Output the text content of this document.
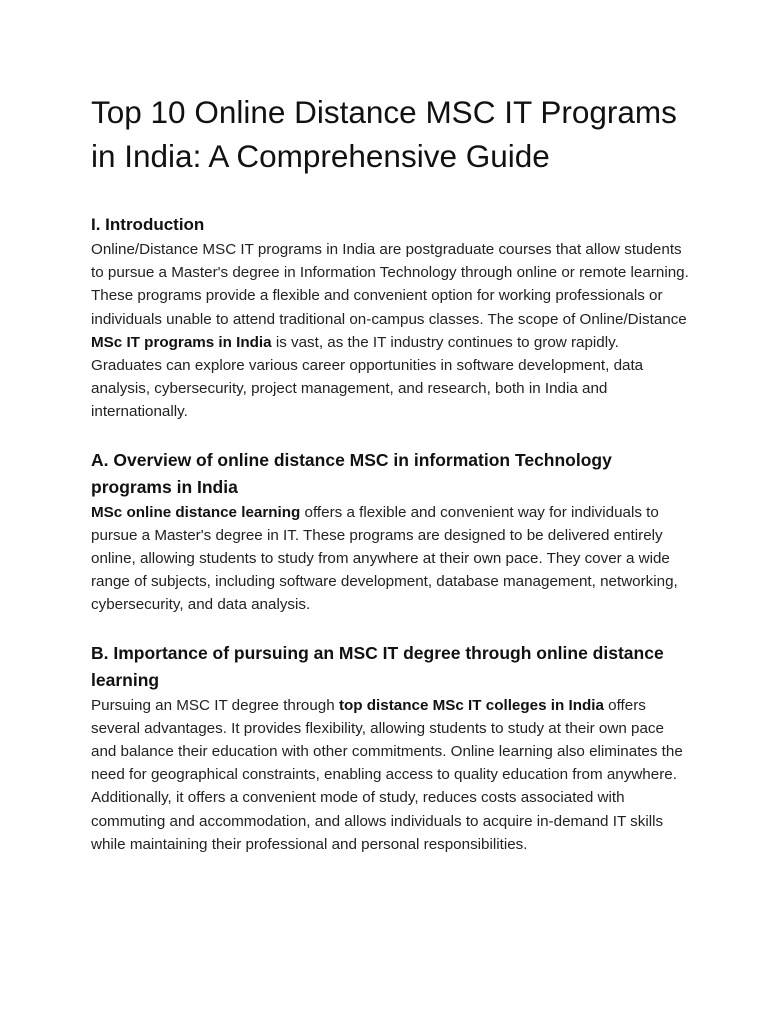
Top 10 Online Distance MSC IT Programs in India: A Comprehensive Guide
I. Introduction

Online/Distance MSC IT programs in India are postgraduate courses that allow students to pursue a Master's degree in Information Technology through online or remote learning. These programs provide a flexible and convenient option for working professionals or individuals unable to attend traditional on-campus classes. The scope of Online/Distance MSc IT programs in India is vast, as the IT industry continues to grow rapidly. Graduates can explore various career opportunities in software development, data analysis, cybersecurity, project management, and research, both in India and internationally.

A. Overview of online distance MSC in information Technology programs in India

MSc online distance learning offers a flexible and convenient way for individuals to pursue a Master's degree in IT. These programs are designed to be delivered entirely online, allowing students to study from anywhere at their own pace. They cover a wide range of subjects, including software development, database management, networking, cybersecurity, and data analysis.

B. Importance of pursuing an MSC IT degree through online distance learning

Pursuing an MSC IT degree through top distance MSc IT colleges in India offers several advantages. It provides flexibility, allowing students to study at their own pace and balance their education with other commitments. Online learning also eliminates the need for geographical constraints, enabling access to quality education from anywhere. Additionally, it offers a convenient mode of study, reduces costs associated with commuting and accommodation, and allows individuals to acquire in-demand IT skills while maintaining their professional and personal responsibilities.
